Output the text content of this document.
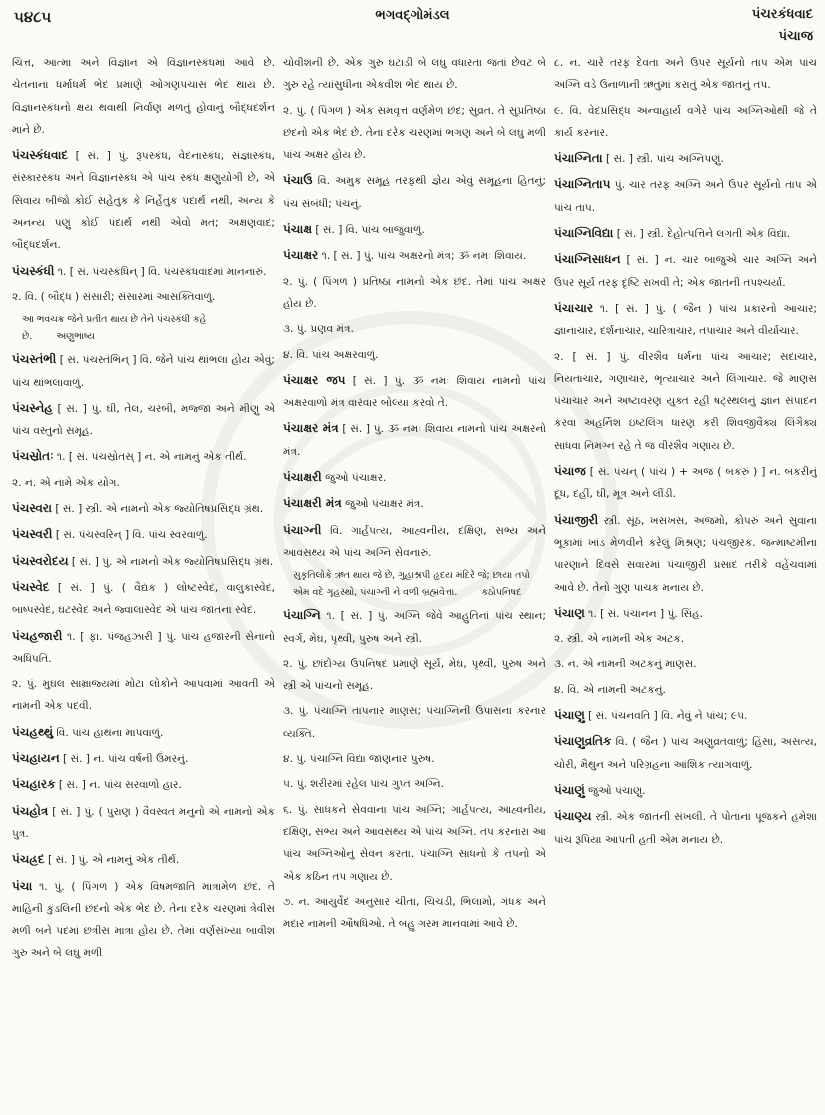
૫૪૮૫	ભગવદ્ગોમંડલ	પંચરકંધવાદ
પંચાજ
ચિત્ત, આત્મા અને વિજ્ઞાન એ વિજ્ઞાનસ્કંધમાં આવે છે. ચેતનાના ધર્માધર્મ ભેદ પ્રમાણે ઓગણપચાસ ભેદ થાય છે. વિજ્ઞાનસ્કંધનો ક્ષય થવાથી નિર્વાણ મળતું હોવાનું બૌદ્ધદર્શન માને છે.
પંચસ્કંધવાદ [ સં. ] પું. રૂપસ્કંધ, વેદનાસ્કંધ, સંજ્ઞાસ્કંધ, સંસ્કારસ્કંધ અને વિજ્ઞાનસ્કંધ એ પાંચ સ્કંધ ક્ષણુયોગી છે, એ સિવાય બીજો કોઈ સહેતુક કે નિર્હેતુક પદાર્થ નથી, અન્ય કે અનન્ય પણુ કોઈ પદાર્થ નથી એવો મત; અક્ષણવાદ; બૌદ્ધદર્શન.
પંચસ્કંધી ૧. [ સં. પંચસ્કંધિન્ ] વિ. પંચસ્કંધવાદમાં માનનારું.
૨. વિ. ( બૌદ્ધ ) સંસારી; સંસારમાં આસક્તિવાળું.
આ ભવચક્ર જેને પ્રતીત થાય છે તેને પંચસ્કંધી કહે છે.	અણુભાષ્ય
પંચસ્તંભી [ સં. પંચસ્તંભિન્ ] વિ. જેને પાંચ થાંભલા હોય એવું; પાંચ થાંભલાવાળું.
પંચસ્નેહ [ સં. ] પું. ઘી, તેલ, ચરબી, મજ્જા અને મીણુ એ પાંચ વસ્તુનો સમૂહ.
પંચસ્રોતઃ ૧. [ સં. પંચસ્રોતસ્ ] ન. એ નામનું એક તીર્થ.
૨. ન. એ નામે એક યોગ.
પંચસ્વરા [ સં. ] સ્ત્રી. એ નામનો એક જ્યોતિષપ્રસિદ્ધ ગ્રંથ.
પંચસ્વરી [ સં. પંચસ્વરિન્ ] વિ. પાંચ સ્વરવાળું.
પંચસ્વરોદય [ સં. ] પું. એ નામનો એક જ્યોતિષપ્રસિદ્ધ ગ્રંથ.
પંચસ્વેદ [ સં. ] પું. ( વૈદ્યક ) લોષ્ટસ્વેદ, વાલુકાસ્વેદ, બાષ્પસ્વેદ, ઘટસ્વેદ અને જ્વાલાસ્વેદ એ પાંચ જાતના સ્વેદ.
પંચહજારી ૧. [ ફા. પંજહઝારી ] પું. પાંચ હજારની સેનાનો અધિપતિ.
૨. પું. મુઘલ સામ્રાજ્યમાં મોટા લોકોને આપવામાં આવતી એ નામની એક પદવી.
પંચહથ્થું વિ. પાંચ હાથના માપવાળું.
પંચહાયન [ સં. ] ન. પાંચ વર્ષની ઉંમરનું.
પંચહારક [ સં. ] ન. પાંચ સરવાળો હાર.
પંચહોત્ર [ સં. ] પું. ( પુરાણ ) વૈવસ્વત મનુનો એ નામનો એક પુત્ર.
પંચહ્રદ [ સં. ] પું. એ નામનું એક તીર્થ.
પંચા ૧. પું. ( પિંગળ ) એક વિષમજાતિ માત્રામેળ છંદ. તે માહિની કુંડલિની છંદનો એક ભેદ છે. તેના દરેક ચરણમાં ત્રેવીસ મળી બને પદમાં છત્રીસ માત્રા હોય છે. તેમાં વર્ણસંખ્યા બાવીશ ગુરુ અને બે લઘુ મળી
ચોવીશની છે. એક ગુરુ ઘટાડી બે લઘુ વધારતા જતાં છેવટ બે ગુરુ રહે ત્યાંસુધીના એકવીશ ભેદ થાય છે.
૨. પું. ( પિંગળ ) એક સમવૃત્ત વર્ણમેળ છંદ; સુવ્રત. તે સુપ્રતિષ્ઠા છંદનો એક ભેદ છે. તેના દરેક ચરણમાં ભગણ અને બે લઘુ મળી પાંચ અક્ષર હોય છે.
પંચાઉ વિ. અમુક સમૂહ તરફથી જ્ઞેય એવું સમૂહના હિતનું; પંચ સંબંધી; પંચનું.
પંચાક્ષ [ સં. ] વિ. પાંચ બાજુવાળું.
પંચાક્ષર ૧. [ સં. ] પું. પાંચ અક્ષરનો મંત્ર; ૐ નમઃ શિવાય.
૨. પું. ( પિંગળ ) પ્રતિષ્ઠા નામનો એક છંદ. તેમાં પાંચ અક્ષર હોય છે.
૩. પું. પ્રણવ મંત્ર.
૪. વિ. પાંચ અક્ષરવાળું.
પંચાક્ષર જપ [ સં. ] પું. ૐ નમઃ શિવાય નામનો પાંચ અક્ષરવાળો મંત્ર વારંવાર બોલ્યા કરવો તે.
પંચાક્ષર મંત્ર [ સં. ] પું. ૐ નમઃ શિવાય નામનો પાંચ અક્ષરનો મંત્ર.
પંચાક્ષરી જુઓ પંચાક્ષર.
પંચાક્ષરી મંત્ર જુઓ પંચાક્ષર મંત્ર.
પંચાગ્ની વિ. ગાર્હપત્ય, આહ્વનીય, દક્ષિણ, સભ્ય અને આવસથ્ય એ પાંચ અગ્નિ સેવનારું.
સુકૃતિલોકે ઋત થાય જે છે, ગુહાશ્રપી હૃદય મંદિરે જે; છાયા તપો એમ વદે ગૃહસ્થો, પંચાગ્ની ને વળી બ્રહ્મવેત્તા.	કઠોપનિષદ
પંચાગ્નિ ૧. [ સં. ] પું. અગ્નિ જેવે આહુતિનાં પાંચ સ્થાન; સ્વર્ગ, મેઘ, પૃથ્વી, પુરુષ અને સ્ત્રી.
૨. પું. છાંદોગ્ય ઉપનિષદ પ્રમાણે સૂર્ય, મેઘ, પૃથ્વી, પુરુષ અને સ્ત્રી એ પાંચનો સમૂહ.
૩. પું. પંચાગ્નિ તાપનાર માણસ; પંચાગ્નિની ઉપાસના કરનાર વ્યક્તિ.
૪. પું. પંચાગ્નિ વિદ્યા જાણનાર પુરુષ.
૫. પું. શરીરમાં રહેલ પાંચ ગુપ્ત અગ્નિ.
૬. પું. સાધકને સેવવાના પાંચ અગ્નિ; ગાર્હપત્ય, આહ્વનીય, દક્ષિણ, સભ્ય અને આવસથ્ય એ પાંચ અગ્નિ. તપ કરનારા આ પાંચ અગ્નિઓનું સેવન કરતા. પંચાગ્નિ સાધનો કે તપનો એ એક કઠિન તપ ગણાય છે.
૭. ન. આયુર્વેદ અનુસાર ચીતા, ચિચડી, ભિલામો, ગંધક અને મદાર નામની ઔષધિઓ. તે બહુ ગરમ માનવામાં આવે છે.
૮. ન. ચારે તરફ દેવતા અને ઉપર સૂર્યનો તાપ એમ પાંચ અગ્નિ વડે ઉનાળાની ઋતુમાં કરાતું એક જાતનું તપ.
૯. વિ. વેદપ્રસિદ્ધ અન્વાહાર્ય વગેરે પાંચ અગ્નિઓથી જે તે કાર્ય કરનાર.
પંચાગ્નિતા [ સં. ] સ્ત્રી. પાંચ અગ્નિપણું.
પંચાગ્નિતાપ પું. ચાર તરફ અગ્નિ અને ઉપર સૂર્યનો તાપ એ પાંચ તાપ.
પંચાગ્નિવિદ્યા [ સં. ] સ્ત્રી. દેહોત્પત્તિને લગતી એક વિદ્યા.
પંચાગ્નિસાધન [ સં. ] ન. ચાર બાજુએ ચાર અગ્નિ અને ઉપર સૂર્ય તરફ દૃષ્ટિ રાખવી તે; એક જાતની તપશ્ચર્યા.
પંચાચાર ૧. [ સં. ] પું. ( જૈન ) પાંચ પ્રકારનો આચાર; જ્ઞાનાચાર, દર્શનાચાર, ચારિત્રાચાર, તપાચાર અને વીર્યાચાર.
૨. [ સં. ] પું. વીરશૈવ ધર્મના પાંચ આચાર; સદાચાર, નિયતાચાર, ગણાચાર, ભૃત્યાચાર અને લિંગાચાર. જે માણસ પંચાચાર અને અષ્ટાવરણ યુક્ત રહી ષટ્સ્થલનું જ્ઞાન સંપાદન કરવા અહર્નિશ ઇષ્ટલિંગ ધારણ કરી શિવજીવૈક્ય લિંગૈક્ય સાધવા નિમગ્ન રહે તે જ વીરશૈવ ગણાય છે.
પંચાજ [ સં. પંચન્ ( પાંચ ) + અજ ( બકરું ) ] ન. બકરીનું દૂધ, દહીં, ઘી, મૂત્ર અને લીંડી.
પંચાજીરી સ્ત્રી. સૂંઠ, ખસખસ, અજમો, કોપરું અને સુવાના ભૂકામાં ખાંડ મેળવીને કરેલું મિશ્રણ; પંચજીરક. જન્માષ્ટમીના પારણાને દિવસે સવારમાં પંચાજીરી પ્રસાદ તરીકે વહેંચવામાં આવે છે. તેનો ગુણ પાચક મનાય છે.
પંચાણ ૧. [ સં. પંચાનન ] પું. સિંહ.
૨. સ્ત્રી. એ નામની એક અટક.
૩. ન. એ નામની અટકનું માણસ.
૪. વિ. એ નામની અટકનું.
પંચાણુ [ સં. પંચનવતિ ] વિ. નેવું ને પાંચ; ૯૫.
પંચાણુવ્રતિક વિ. ( જૈન ) પાંચ અણુવ્રતવાળું; હિંસા, અસત્ય, ચોરી, મૈથુન અને પરિગ્રહના આંશિક ત્યાગવાળું.
પંચાણું જુઓ પંચાણુ.
પંચાણ્ય સ્ત્રી. એક જાતની સંખલી. તે પોતાના પૂજકને હમેશા પાંચ રૂપિયા આપતી હતી એમ મનાય છે.
